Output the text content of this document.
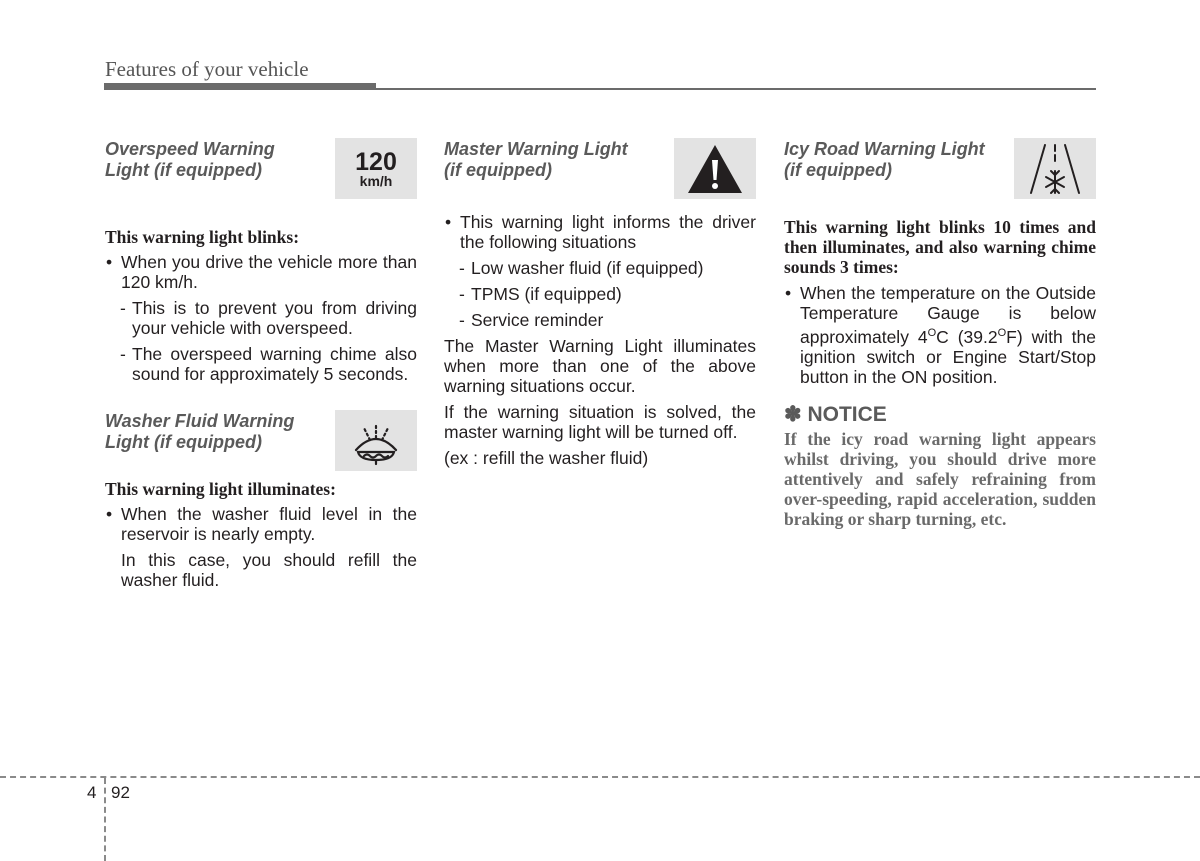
Features of your vehicle
Overspeed Warning
Light (if equipped)	120
km/h
This warning light blinks:

• When you drive the vehicle more than 120 km/h.

- This is to prevent you from driving your vehicle with overspeed.

- The overspeed warning chime also sound for approximately 5 seconds.

Washer Fluid Warning
Light (if equipped)
This warning light illuminates:

• When the washer fluid level in the reservoir is nearly empty.

In this case, you should refill the washer fluid.

Master Warning Light
(if equipped)

• This warning light informs the driver the following situations

- Low washer fluid (if equipped)

- TPMS (if equipped)

- Service reminder

The Master Warning Light illuminates when more than one of the above warning situations occur.

If the warning situation is solved, the master warning light will be turned off.

(ex : refill the washer fluid)

Icy Road Warning Light
(if equipped)
This warning light blinks 10 times and then illuminates, and also warning chime sounds 3 times:

• When the temperature on the Outside Temperature Gauge is below approximately $4^OC$ $(39.2^OF)$ with the ignition switch or Engine Start/Stop button in the ON position.

✽ NOTICE

If the icy road warning light appears whilst driving, you should drive more attentively and safely refraining from over-speeding, rapid acceleration, sudden braking or sharp turning, etc.

4 92
